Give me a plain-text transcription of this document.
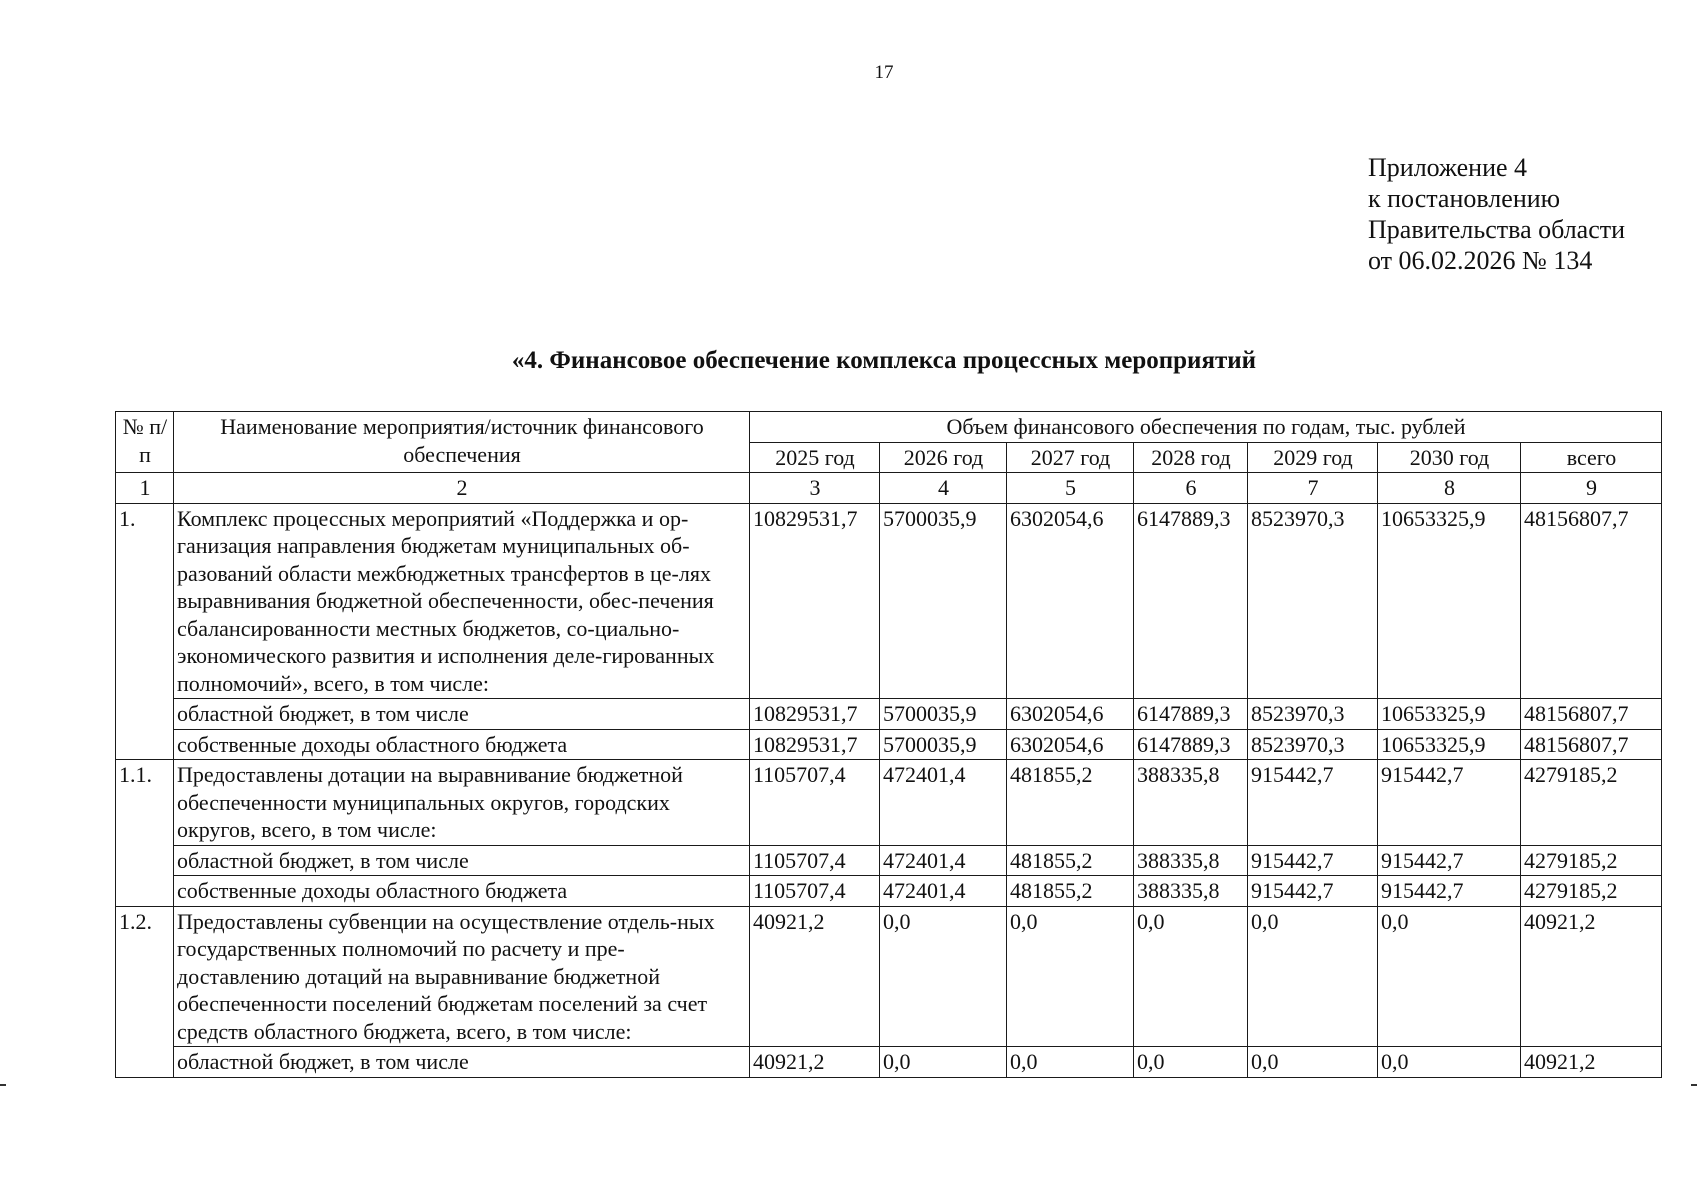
17
Приложение 4
к постановлению
Правительства области
от 06.02.2026 № 134
«4. Финансовое обеспечение комплекса процессных мероприятий
№ п/п	Наименование мероприятия/источник финансового обеспечения	Объем финансового обеспечения по годам, тыс. рублей						
		2025 год	2026 год	2027 год	2028 год	2029 год	2030 год	всего
1	2	3	4	5	6	7	8	9
1.	Комплекс процессных мероприятий «Поддержка и ор-ганизация направления бюджетам муниципальных об-разований области межбюджетных трансфертов в це-лях выравнивания бюджетной обеспеченности, обес-печения сбалансированности местных бюджетов, со-циально-экономического развития и исполнения деле-гированных полномочий», всего, в том числе:	10829531,7	5700035,9	6302054,6	6147889,3	8523970,3	10653325,9	48156807,7
	областной бюджет, в том числе	10829531,7	5700035,9	6302054,6	6147889,3	8523970,3	10653325,9	48156807,7
	собственные доходы областного бюджета	10829531,7	5700035,9	6302054,6	6147889,3	8523970,3	10653325,9	48156807,7
1.1.	Предоставлены дотации на выравнивание бюджетной обеспеченности муниципальных округов, городских округов, всего, в том числе:	1105707,4	472401,4	481855,2	388335,8	915442,7	915442,7	4279185,2
	областной бюджет, в том числе	1105707,4	472401,4	481855,2	388335,8	915442,7	915442,7	4279185,2
	собственные доходы областного бюджета	1105707,4	472401,4	481855,2	388335,8	915442,7	915442,7	4279185,2
1.2.	Предоставлены субвенции на осуществление отдель-ных государственных полномочий по расчету и пре-доставлению дотаций на выравнивание бюджетной обеспеченности поселений бюджетам поселений за счет средств областного бюджета, всего, в том числе:	40921,2	0,0	0,0	0,0	0,0	0,0	40921,2
	областной бюджет, в том числе	40921,2	0,0	0,0	0,0	0,0	0,0	40921,2
